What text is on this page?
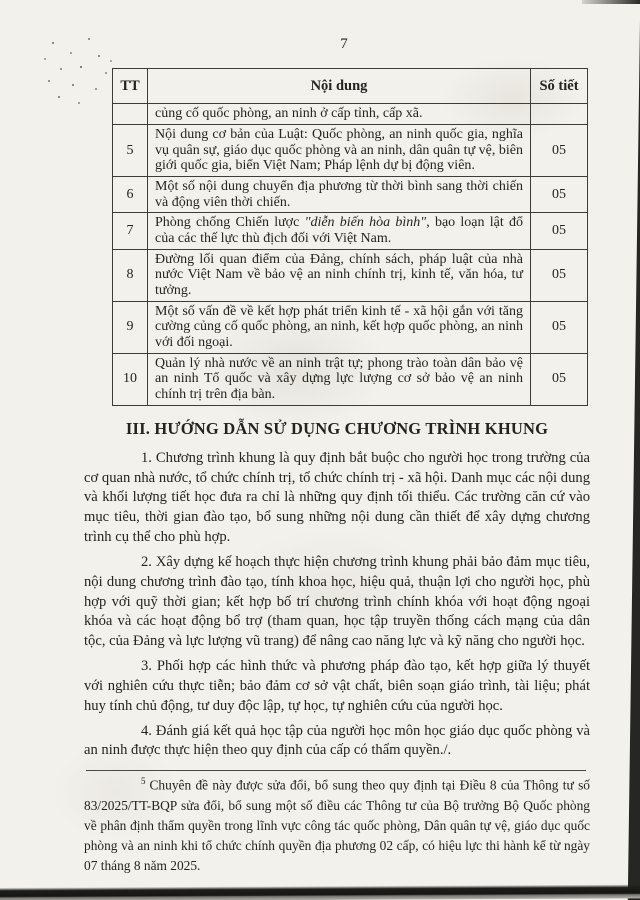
7
TT	Nội dung	Số tiết
	củng cố quốc phòng, an ninh ở cấp tỉnh, cấp xã.	
5	Nội dung cơ bản của Luật: Quốc phòng, an ninh quốc gia, nghĩa vụ quân sự, giáo dục quốc phòng và an ninh, dân quân tự vệ, biên giới quốc gia, biển Việt Nam; Pháp lệnh dự bị động viên.	05
6	Một số nội dung chuyển địa phương từ thời bình sang thời chiến và động viên thời chiến.	05
7	Phòng chống Chiến lược "diễn biến hòa bình", bạo loạn lật đổ của các thế lực thù địch đối với Việt Nam.	05
8	Đường lối quan điểm của Đảng, chính sách, pháp luật của nhà nước Việt Nam về bảo vệ an ninh chính trị, kinh tế, văn hóa, tư tưởng.	05
9	Một số vấn đề về kết hợp phát triển kinh tế - xã hội gắn với tăng cường củng cố quốc phòng, an ninh, kết hợp quốc phòng, an ninh với đối ngoại.	05
10	Quản lý nhà nước về an ninh trật tự; phong trào toàn dân bảo vệ an ninh Tổ quốc và xây dựng lực lượng cơ sở bảo vệ an ninh chính trị trên địa bàn.	05
III. HƯỚNG DẪN SỬ DỤNG CHƯƠNG TRÌNH KHUNG

1. Chương trình khung là quy định bắt buộc cho người học trong trường của cơ quan nhà nước, tổ chức chính trị, tổ chức chính trị - xã hội. Danh mục các nội dung và khối lượng tiết học đưa ra chỉ là những quy định tối thiểu. Các trường căn cứ vào mục tiêu, thời gian đào tạo, bổ sung những nội dung cần thiết để xây dựng chương trình cụ thể cho phù hợp.

2. Xây dựng kế hoạch thực hiện chương trình khung phải bảo đảm mục tiêu, nội dung chương trình đào tạo, tính khoa học, hiệu quả, thuận lợi cho người học, phù hợp với quỹ thời gian; kết hợp bố trí chương trình chính khóa với hoạt động ngoại khóa và các hoạt động bổ trợ (tham quan, học tập truyền thống cách mạng của dân tộc, của Đảng và lực lượng vũ trang) để nâng cao năng lực và kỹ năng cho người học.

3. Phối hợp các hình thức và phương pháp đào tạo, kết hợp giữa lý thuyết với nghiên cứu thực tiễn; bảo đảm cơ sở vật chất, biên soạn giáo trình, tài liệu; phát huy tính chủ động, tư duy độc lập, tự học, tự nghiên cứu của người học.

4. Đánh giá kết quả học tập của người học môn học giáo dục quốc phòng và an ninh được thực hiện theo quy định của cấp có thẩm quyền./.

$^5$ Chuyên đề này được sửa đổi, bổ sung theo quy định tại Điều 8 của Thông tư số 83/2025/TT-BQP sửa đổi, bổ sung một số điều các Thông tư của Bộ trưởng Bộ Quốc phòng về phân định thẩm quyền trong lĩnh vực công tác quốc phòng, Dân quân tự vệ, giáo dục quốc phòng và an ninh khi tổ chức chính quyền địa phương 02 cấp, có hiệu lực thi hành kể từ ngày 07 tháng 8 năm 2025.
